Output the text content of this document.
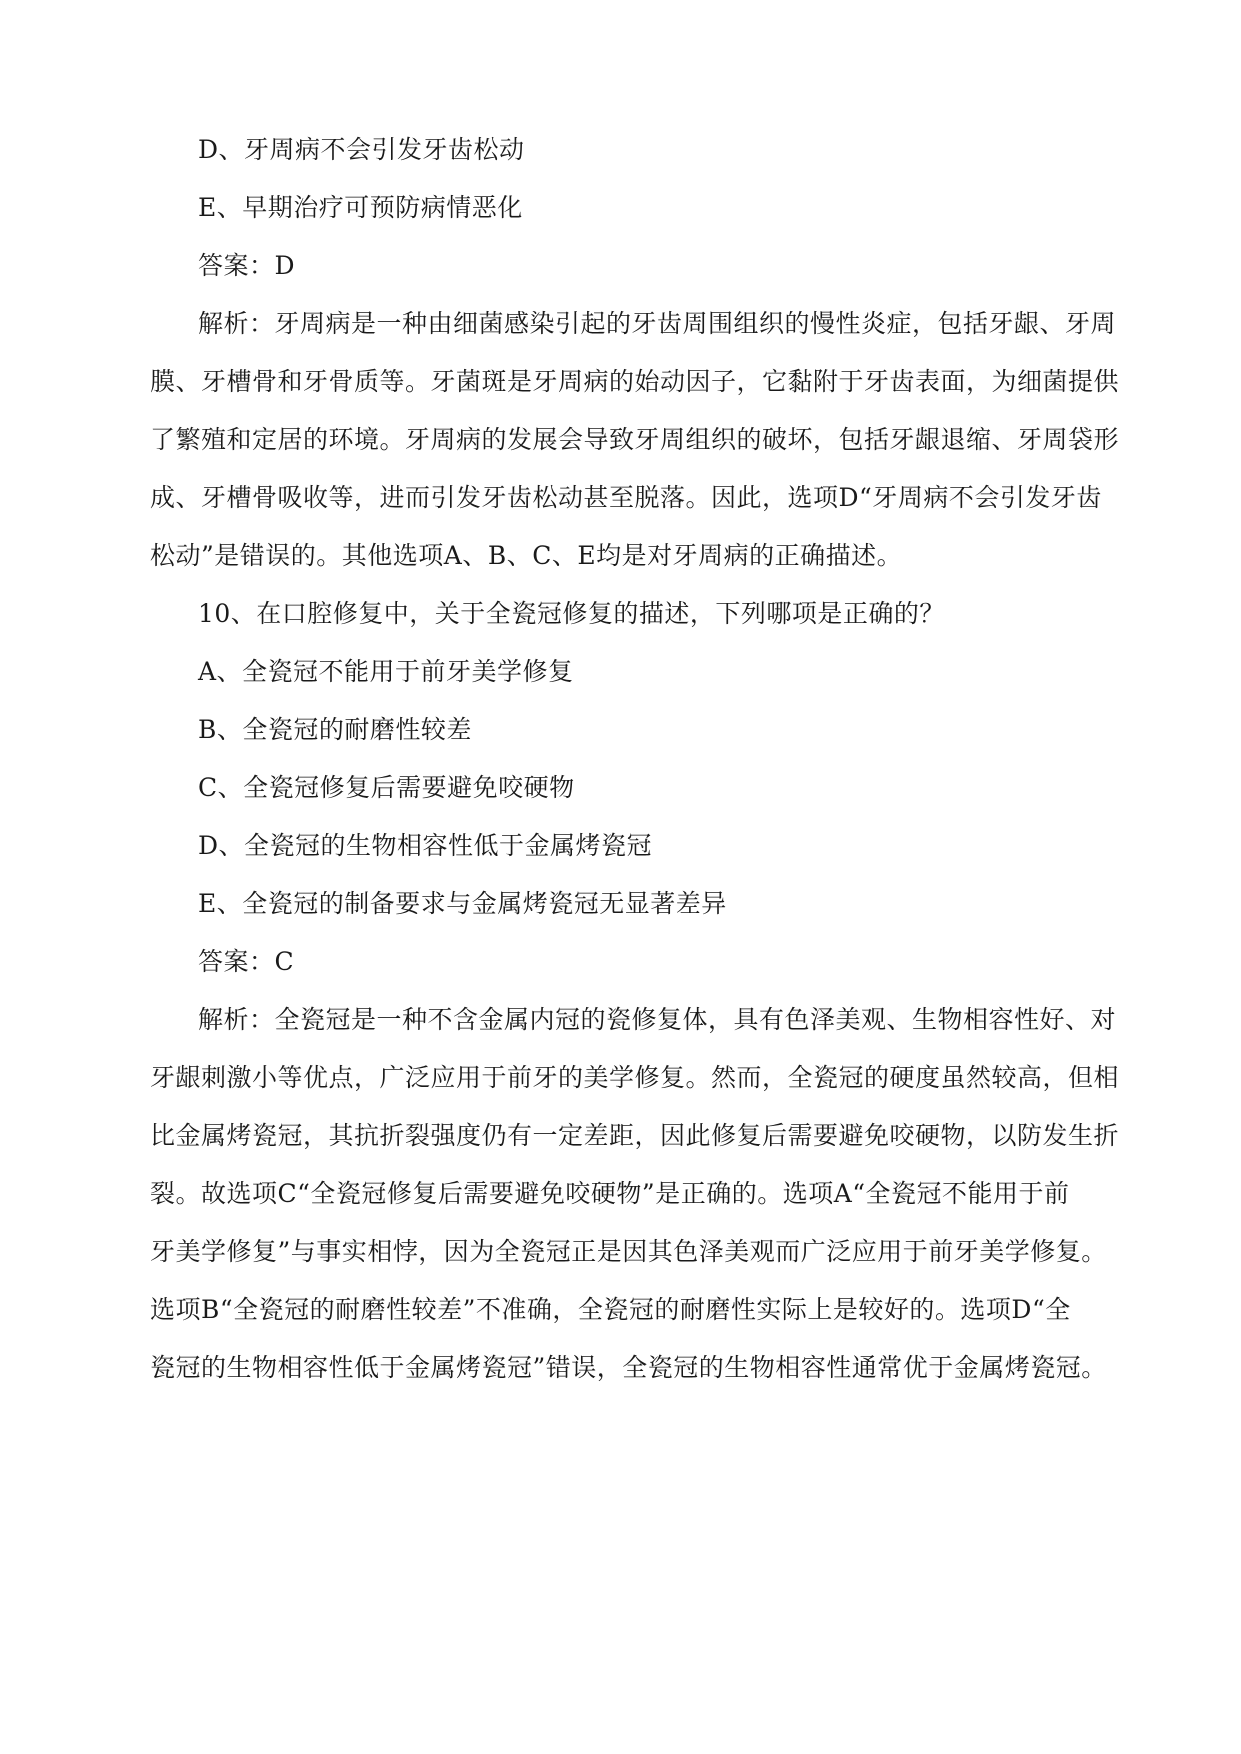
D、牙周病不会引发牙齿松动
E、早期治疗可预防病情恶化
答案：D
解析：牙周病是一种由细菌感染引起的牙齿周围组织的慢性炎症，包括牙龈、牙周
膜、牙槽骨和牙骨质等。牙菌斑是牙周病的始动因子，它黏附于牙齿表面，为细菌提供
了繁殖和定居的环境。牙周病的发展会导致牙周组织的破坏，包括牙龈退缩、牙周袋形
成、牙槽骨吸收等，进而引发牙齿松动甚至脱落。因此，选项D“牙周病不会引发牙齿
松动”是错误的。其他选项A、B、C、E均是对牙周病的正确描述。
10、在口腔修复中，关于全瓷冠修复的描述，下列哪项是正确的？
A、全瓷冠不能用于前牙美学修复
B、全瓷冠的耐磨性较差
C、全瓷冠修复后需要避免咬硬物
D、全瓷冠的生物相容性低于金属烤瓷冠
E、全瓷冠的制备要求与金属烤瓷冠无显著差异
答案：C
解析：全瓷冠是一种不含金属内冠的瓷修复体，具有色泽美观、生物相容性好、对
牙龈刺激小等优点，广泛应用于前牙的美学修复。然而，全瓷冠的硬度虽然较高，但相
比金属烤瓷冠，其抗折裂强度仍有一定差距，因此修复后需要避免咬硬物，以防发生折
裂。故选项C“全瓷冠修复后需要避免咬硬物”是正确的。选项A“全瓷冠不能用于前
牙美学修复”与事实相悖，因为全瓷冠正是因其色泽美观而广泛应用于前牙美学修复。
选项B“全瓷冠的耐磨性较差”不准确，全瓷冠的耐磨性实际上是较好的。选项D“全
瓷冠的生物相容性低于金属烤瓷冠”错误，全瓷冠的生物相容性通常优于金属烤瓷冠。
